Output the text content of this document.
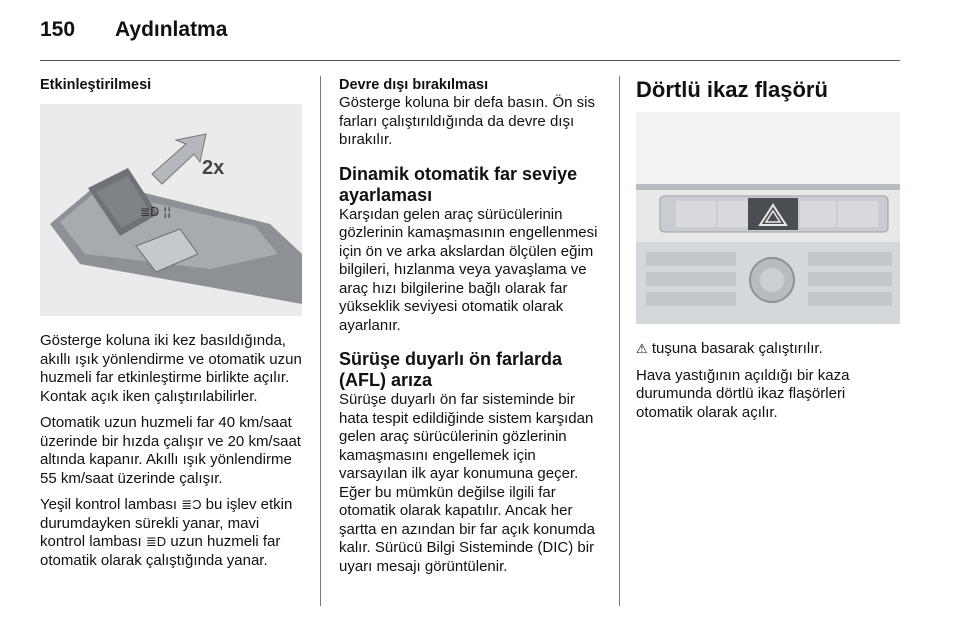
150 Aydınlatma
Etkinleştirilmesi
≣D ¦¦
2x

Gösterge koluna iki kez basıldığında, akıllı ışık yönlendirme ve otomatik uzun huzmeli far etkinleştirme birlikte açılır. Kontak açık iken çalıştırılabilirler.

Otomatik uzun huzmeli far 40 km/saat üzerinde bir hızda çalışır ve 20 km/saat altında kapanır. Akıllı ışık yönlendirme 55 km/saat üzerinde çalışır.

Yeşil kontrol lambası ≣Ɔ bu işlev etkin durumdayken sürekli yanar, mavi kontrol lambası ≣D uzun huzmeli far otomatik olarak çalıştığında yanar.

Devre dışı bırakılması

Gösterge koluna bir defa basın. Ön sis farları çalıştırıldığında da devre dışı bırakılır.

Dinamik otomatik far seviye ayarlaması

Karşıdan gelen araç sürücülerinin gözlerinin kamaşmasının engellenmesi için ön ve arka akslardan ölçülen eğim bilgileri, hızlanma veya yavaşlama ve araç hızı bilgilerine bağlı olarak far yükseklik seviyesi otomatik olarak ayarlanır.

Sürüşe duyarlı ön farlarda (AFL) arıza

Sürüşe duyarlı ön far sisteminde bir hata tespit edildiğinde sistem karşıdan gelen araç sürücülerinin gözlerinin kamaşmasını engellemek için varsayılan ilk ayar konumuna geçer. Eğer bu mümkün değilse ilgili far otomatik olarak kapatılır. Ancak her şartta en azından bir far açık konumda kalır. Sürücü Bilgi Sisteminde (DIC) bir uyarı mesajı görüntülenir.

Dörtlü ikaz flaşörü

⚠ tuşuna basarak çalıştırılır.

Hava yastığının açıldığı bir kaza durumunda dörtlü ikaz flaşörleri otomatik olarak açılır.
